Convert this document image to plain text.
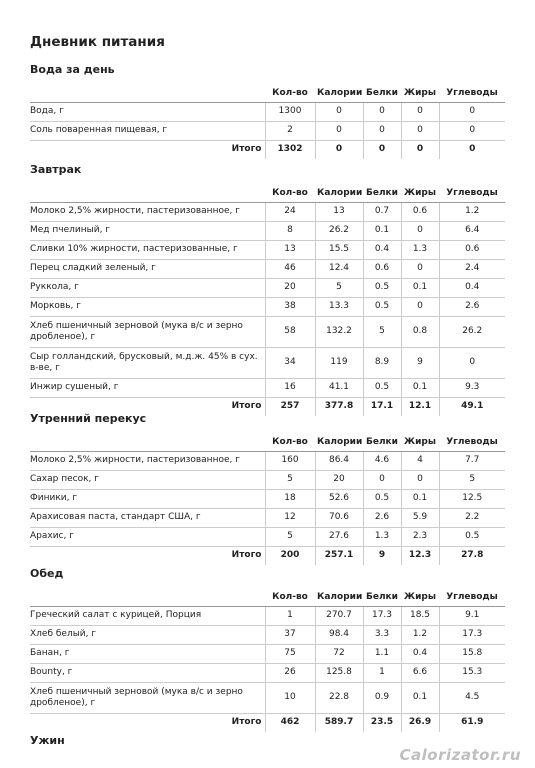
Дневник питания
Вода за день
	Кол-во	Калории	Белки	Жиры	Углеводы
Вода, г	1300	0	0	0	0
Соль поваренная пищевая, г	2	0	0	0	0
Итого	1302	0	0	0	0
Завтрак
	Кол-во	Калории	Белки	Жиры	Углеводы
Молоко 2,5% жирности, пастеризованное, г	24	13	0.7	0.6	1.2
Мед пчелиный, г	8	26.2	0.1	0	6.4
Сливки 10% жирности, пастеризованные, г	13	15.5	0.4	1.3	0.6
Перец сладкий зеленый, г	46	12.4	0.6	0	2.4
Руккола, г	20	5	0.5	0.1	0.4
Морковь, г	38	13.3	0.5	0	2.6
Хлеб пшеничный зерновой (мука в/с и зерно дробленое), г	58	132.2	5	0.8	26.2
Сыр голландский, брусковый, м.д.ж. 45% в сух. в-ве, г	34	119	8.9	9	0
Инжир сушеный, г	16	41.1	0.5	0.1	9.3
Итого	257	377.8	17.1	12.1	49.1
Утренний перекус
	Кол-во	Калории	Белки	Жиры	Углеводы
Молоко 2,5% жирности, пастеризованное, г	160	86.4	4.6	4	7.7
Сахар песок, г	5	20	0	0	5
Финики, г	18	52.6	0.5	0.1	12.5
Арахисовая паста, стандарт США, г	12	70.6	2.6	5.9	2.2
Арахис, г	5	27.6	1.3	2.3	0.5
Итого	200	257.1	9	12.3	27.8
Обед
	Кол-во	Калории	Белки	Жиры	Углеводы
Греческий салат с курицей, Порция	1	270.7	17.3	18.5	9.1
Хлеб белый, г	37	98.4	3.3	1.2	17.3
Банан, г	75	72	1.1	0.4	15.8
Bounty, г	26	125.8	1	6.6	15.3
Хлеб пшеничный зерновой (мука в/с и зерно дробленое), г	10	22.8	0.9	0.1	4.5
Итого	462	589.7	23.5	26.9	61.9
Ужин
Calorizator.ru
